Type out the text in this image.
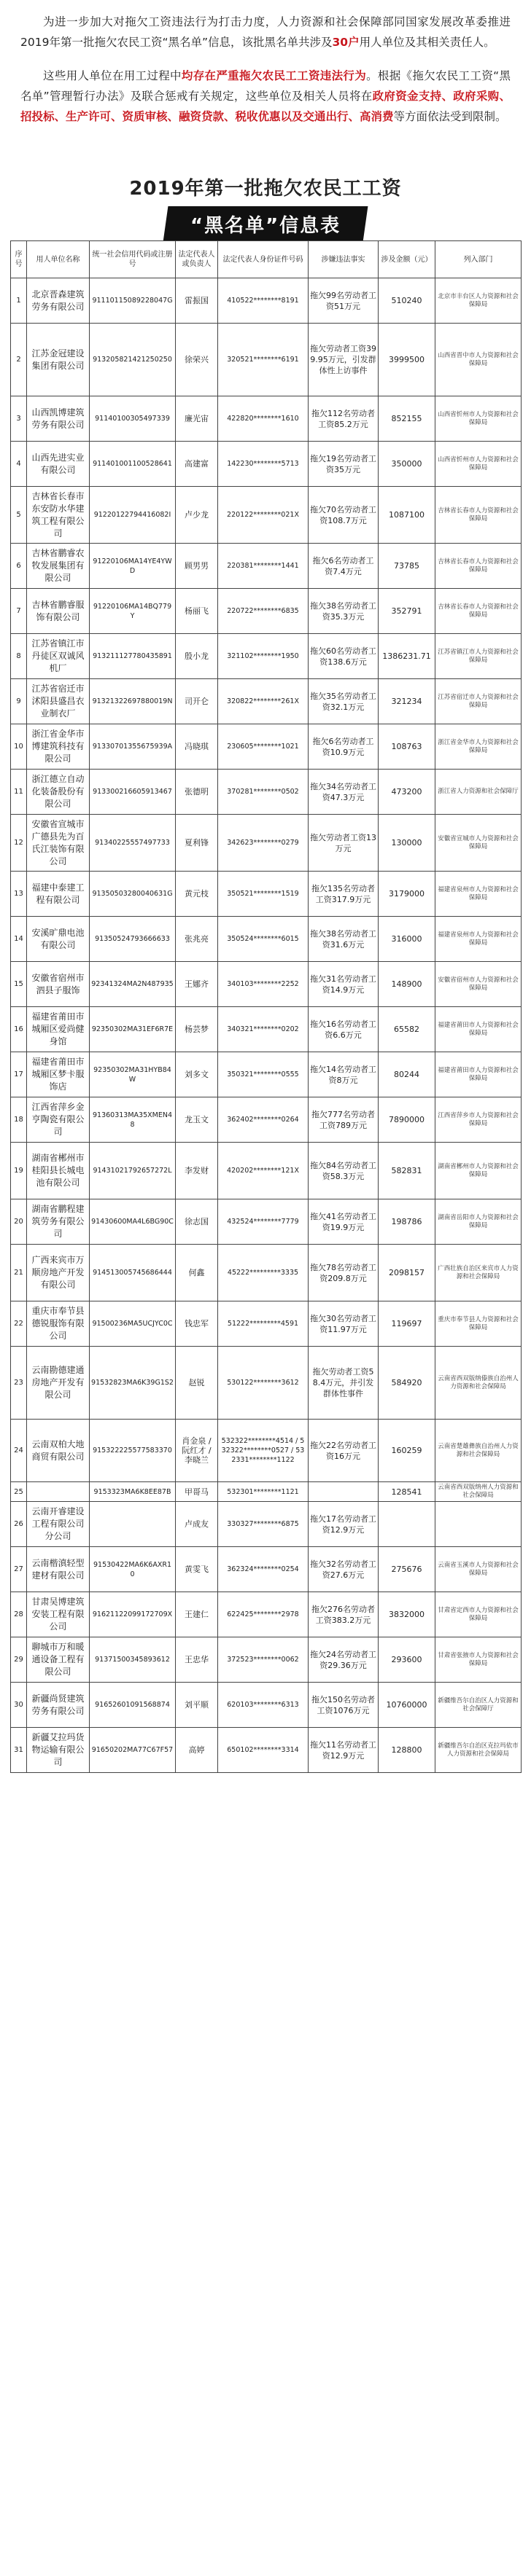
为进一步加大对拖欠工资违法行为打击力度，人力资源和社会保障部同国家发展改革委推进2019年第一批拖欠农民工资“黑名单”信息，该批黑名单共涉及30户用人单位及其相关责任人。

这些用人单位在用工过程中均存在严重拖欠农民工工资违法行为。根据《拖欠农民工工资“黑名单”管理暂行办法》及联合惩戒有关规定，这些单位及相关人员将在政府资金支持、政府采购、招投标、生产许可、资质审核、融资贷款、税收优惠以及交通出行、高消费等方面依法受到限制。

2019年第一批拖欠农民工工资
“黑名单”信息表
序号	用人单位名称	统一社会信用代码或注册号	法定代表人或负责人	法定代表人身份证件号码	涉嫌违法事实	涉及金额（元）	列入部门
1	北京晋森建筑劳务有限公司	91110115089228047G	雷振国	410522********8191	拖欠99名劳动者工资51万元	510240	北京市丰台区人力资源和社会保障局
2	江苏金冠建设集团有限公司	913205821421250250	徐荣兴	320521********6191	拖欠劳动者工资399.95万元，引发群体性上访事件	3999500	山西省晋中市人力资源和社会保障局
3	山西凯博建筑劳务有限公司	91140100305497339	廉光宙	422820********1610	拖欠112名劳动者工资85.2万元	852155	山西省忻州市人力资源和社会保障局
4	山西先进实业有限公司	911401001100528641	高建富	142230********5713	拖欠19名劳动者工资35万元	350000	山西省忻州市人力资源和社会保障局
5	吉林省长春市东安防水华建筑工程有限公司	91220122794416082I	卢少龙	220122********021X	拖欠70名劳动者工资108.7万元	1087100	吉林省长春市人力资源和社会保障局
6	吉林省鹏睿农牧发展集团有限公司	91220106MA14YE4YWD	顾男男	220381********1441	拖欠6名劳动者工资7.4万元	73785	吉林省长春市人力资源和社会保障局
7	吉林省鹏睿服饰有限公司	91220106MA14BQ779Y	杨丽飞	220722********6835	拖欠38名劳动者工资35.3万元	352791	吉林省长春市人力资源和社会保障局
8	江苏省镇江市丹徒区双诚风机厂	913211127780435891	殷小龙	321102********1950	拖欠60名劳动者工资138.6万元	1386231.71	江苏省镇江市人力资源和社会保障局
9	江苏省宿迁市沭阳县盛昌衣业制衣厂	91321322697880019N	司开仑	320822********261X	拖欠35名劳动者工资32.1万元	321234	江苏省宿迁市人力资源和社会保障局
10	浙江省金华市博建筑科技有限公司	91330701355675939A	冯晓琪	230605********1021	拖欠6名劳动者工资10.9万元	108763	浙江省金华市人力资源和社会保障局
11	浙江德立自动化装备股份有限公司	913300216605913467	张德明	370281********0502	拖欠34名劳动者工资47.3万元	473200	浙江省人力资源和社会保障厅
12	安徽省宣城市广德县先为百氏江装饰有限公司	91340225557497733	夏利锋	342623********0279	拖欠劳动者工资13万元	130000	安徽省宣城市人力资源和社会保障局
13	福建中泰建工程有限公司	91350503280040631G	黄元枝	350521********1519	拖欠135名劳动者工资317.9万元	3179000	福建省泉州市人力资源和社会保障局
14	安溪旷鼎电池有限公司	91350524793666633	张兆亮	350524********6015	拖欠38名劳动者工资31.6万元	316000	福建省泉州市人力资源和社会保障局
15	安徽省宿州市泗县子服饰	92341324MA2N487935	王娜齐	340103********2252	拖欠31名劳动者工资14.9万元	148900	安徽省宿州市人力资源和社会保障局
16	福建省莆田市城厢区爱尚健身馆	92350302MA31EF6R7E	杨芸梦	340321********0202	拖欠16名劳动者工资6.6万元	65582	福建省莆田市人力资源和社会保障局
17	福建省莆田市城厢区梦卡服饰店	92350302MA31HYB84W	刘多文	350321********0555	拖欠14名劳动者工资8万元	80244	福建省莆田市人力资源和社会保障局
18	江西省萍乡金亨陶瓷有限公司	91360313MA35XMEN48	龙玉文	362402********0264	拖欠777名劳动者工资789万元	7890000	江西省萍乡市人力资源和社会保障局
19	湖南省郴州市桂阳县长城电池有限公司	91431021792657272L	李发财	420202********121X	拖欠84名劳动者工资58.3万元	582831	湖南省郴州市人力资源和社会保障局
20	湖南省鹏程建筑劳务有限公司	91430600MA4L6BG90C	徐志国	432524********7779	拖欠41名劳动者工资19.9万元	198786	湖南省岳阳市人力资源和社会保障局
21	广西来宾市万顺房地产开发有限公司	914513005745686444	何鑫	45222*********3335	拖欠78名劳动者工资209.8万元	2098157	广西壮族自治区来宾市人力资源和社会保障局
22	重庆市奉节县德锐服饰有限公司	91500236MA5UCJYC0C	钱忠军	51222*********4591	拖欠30名劳动者工资11.97万元	119697	重庆市奉节县人力资源和社会保障局
23	云南勘德建通房地产开发有限公司	91532823MA6K39G1S2	赵锐	530122********3612	拖欠劳动者工资58.4万元，并引发群体性事件	584920	云南省西双版纳傣族自治州人力资源和社会保障局
24	云南双柏大地商贸有限公司	915322225577583370	肖金泉 / 阮红才 / 李晓兰	532322********4514 / 532322********0527 / 532331********1122	拖欠22名劳动者工资16万元	160259	云南省楚雄彝族自治州人力资源和社会保障局
25		9153323MA6K8EE87B	甲哥马	532301********1121		128541	云南省西双版纳州人力资源和社会保障局
26	云南开睿建设工程有限公司分公司		卢成友	330327********6875	拖欠17名劳动者工资12.9万元		
27	云南楷滇轻型建材有限公司	91530422MA6K6AXR10	黄雯飞	362324********0254	拖欠32名劳动者工资27.6万元	275676	云南省玉溪市人力资源和社会保障局
28	甘肃吴博建筑安装工程有限公司	91621122099172709X	王建仁	622425********2978	拖欠276名劳动者工资383.2万元	3832000	甘肃省定西市人力资源和社会保障局
29	聊城市万和暖通设备工程有限公司	91371500345893612	王忠华	372523********0062	拖欠24名劳动者工资29.36万元	293600	甘肃省张掖市人力资源和社会保障局
30	新疆尚贤建筑劳务有限公司	91652601091568874	刘平顺	620103********6313	拖欠150名劳动者工资1076万元	10760000	新疆维吾尔自治区人力资源和社会保障厅
31	新疆艾拉玛货物运输有限公司	91650202MA77C67F57	高婷	650102********3314	拖欠11名劳动者工资12.9万元	128800	新疆维吾尔自治区克拉玛依市人力资源和社会保障局
